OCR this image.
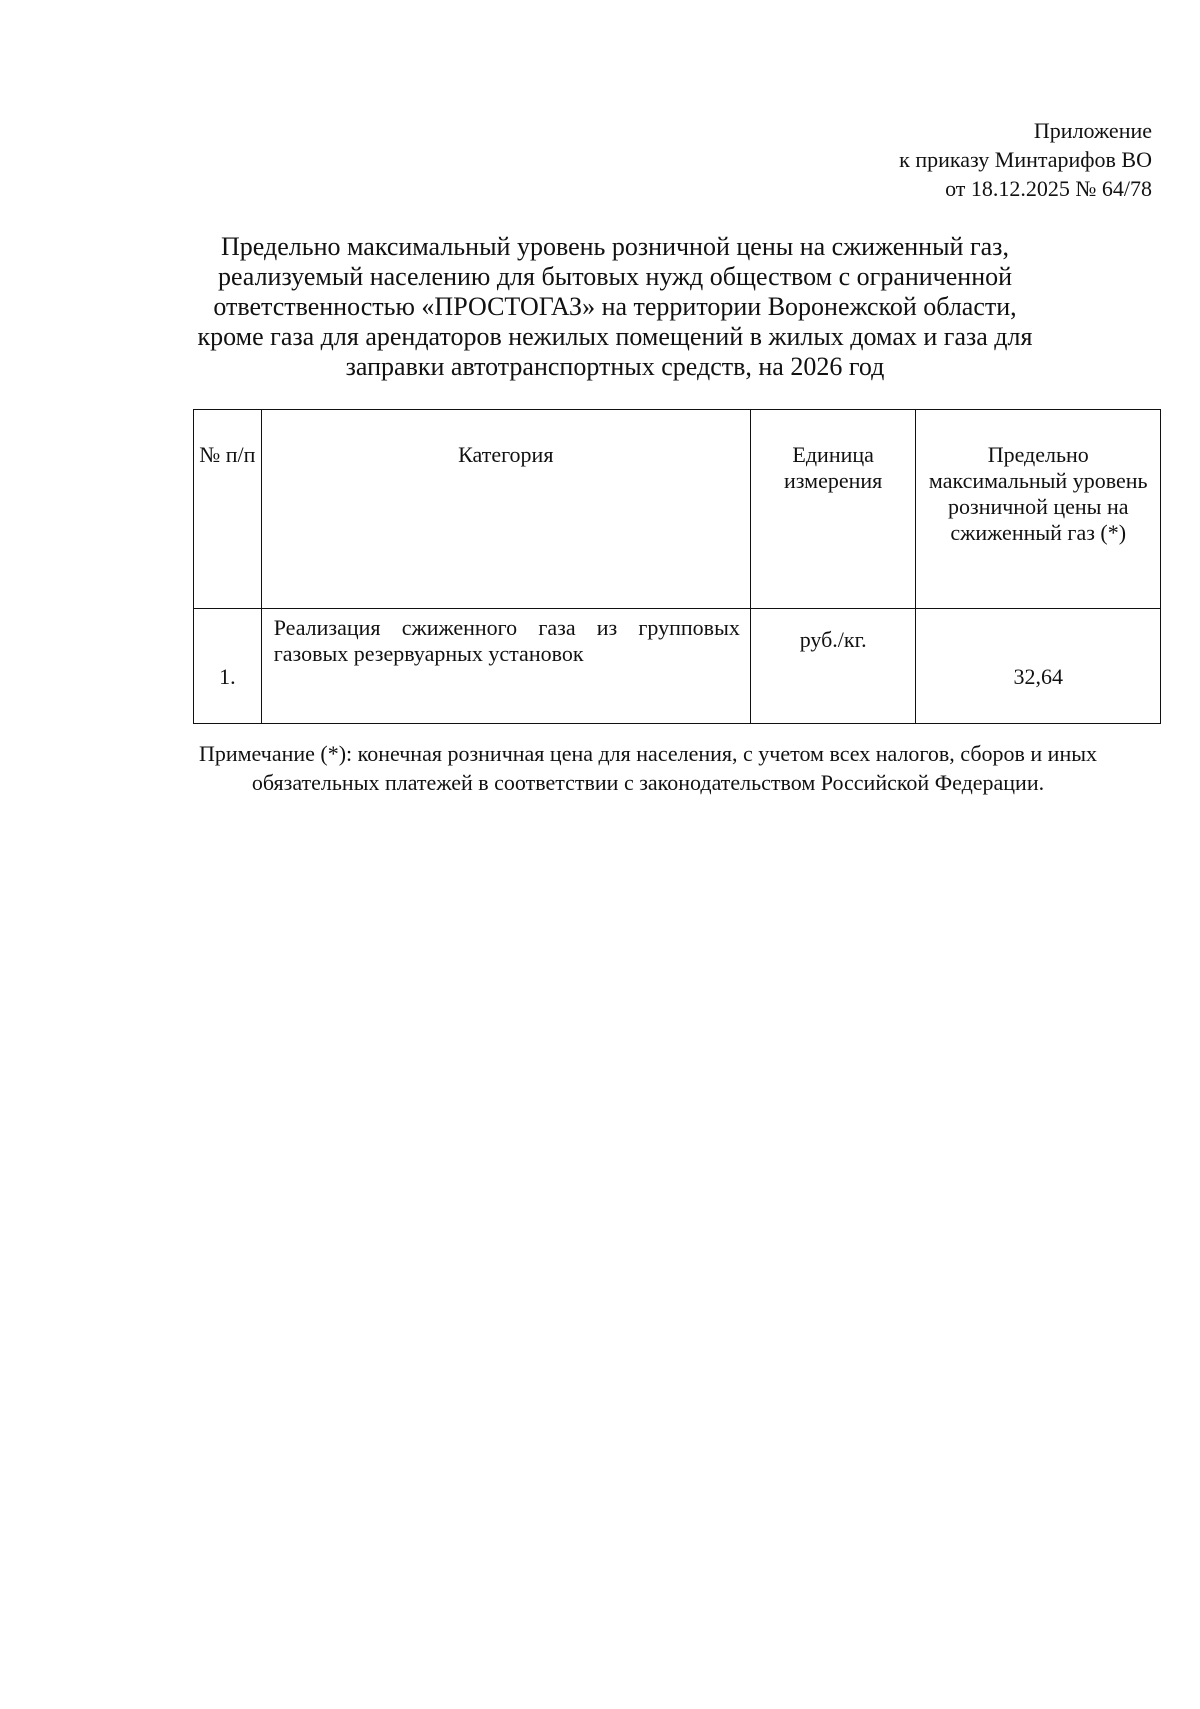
Приложение
к приказу Минтарифов ВО
от 18.12.2025 № 64/78
Предельно максимальный уровень розничной цены на сжиженный газ,
реализуемый населению для бытовых нужд обществом с ограниченной
ответственностью «ПРОСТОГАЗ» на территории Воронежской области,
кроме газа для арендаторов нежилых помещений в жилых домах и газа для
заправки автотранспортных средств, на 2026 год
№ п/п	Категория	Единица измерения	Предельно максимальный уровень розничной цены на сжиженный газ (*)

1.	Реализация сжиженного газа из групповых газовых резервуарных установок	руб./кг.	32,64
Примечание (*): конечная розничная цена для населения, с учетом всех налогов, сборов и иных обязательных платежей в соответствии с законодательством Российской Федерации.
